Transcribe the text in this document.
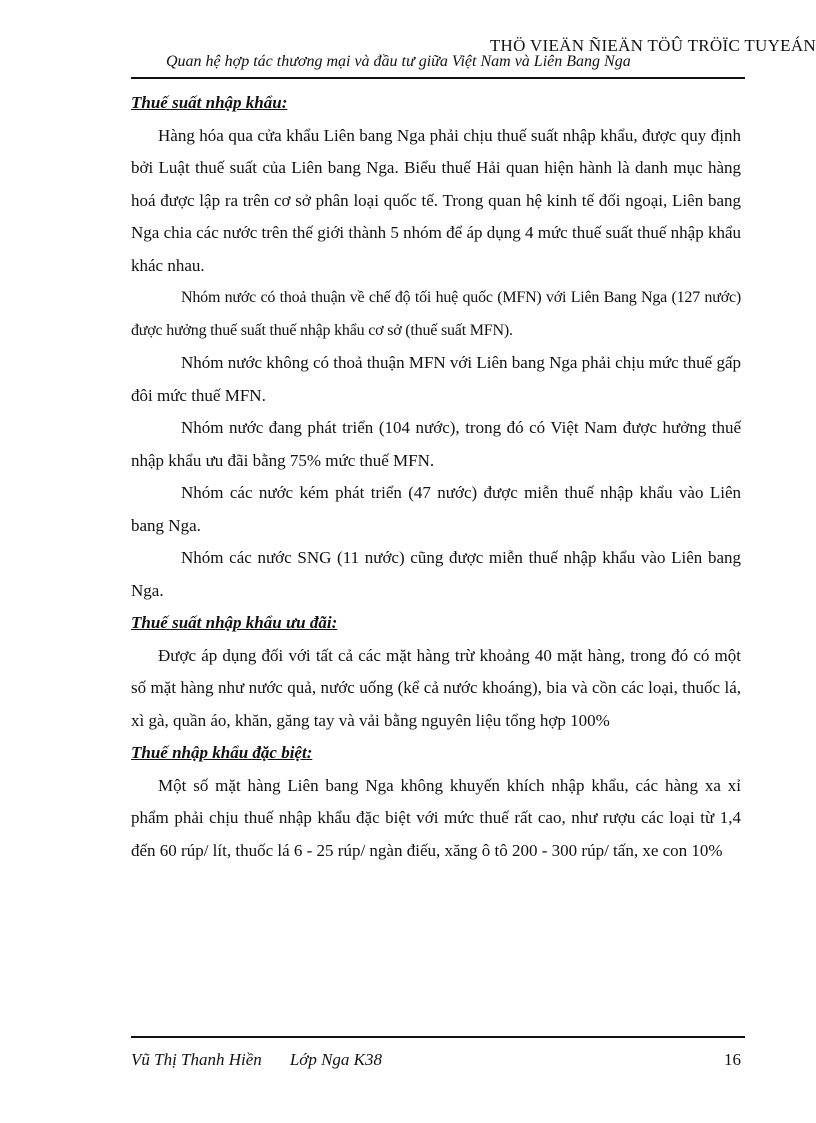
THÖ VIEÄN ÑIEÄN TÖÛ TRÖÏC TUYEÁN
Quan hệ hợp tác thương mại và đầu tư giữa Việt Nam và Liên Bang Nga

Thuế suất nhập khẩu:

Hàng hóa qua cửa khẩu Liên bang Nga phải chịu thuế suất nhập khẩu, được quy định bởi Luật thuế suất của Liên bang Nga. Biểu thuế Hải quan hiện hành là danh mục hàng hoá được lập ra trên cơ sở phân loại quốc tế. Trong quan hệ kinh tế đối ngoại, Liên bang Nga chia các nước trên thế giới thành 5 nhóm để áp dụng 4 mức thuế suất thuế nhập khẩu khác nhau.

Nhóm nước có thoả thuận về chế độ tối huệ quốc (MFN) với Liên Bang Nga (127 nước) được hưởng thuế suất thuế nhập khẩu cơ sở (thuế suất MFN).

Nhóm nước không có thoả thuận MFN với Liên bang Nga phải chịu mức thuế gấp đôi mức thuế MFN.

Nhóm nước đang phát triển (104 nước), trong đó có Việt Nam được hưởng thuế nhập khẩu ưu đãi bằng 75% mức thuế MFN.

Nhóm các nước kém phát triển (47 nước) được miễn thuế nhập khẩu vào Liên bang Nga.

Nhóm các nước SNG (11 nước) cũng được miễn thuế nhập khẩu vào Liên bang Nga.

Thuế suất nhập khẩu ưu đãi:

Được áp dụng đối với tất cả các mặt hàng trừ khoảng 40 mặt hàng, trong đó có một số mặt hàng như nước quả, nước uống (kể cả nước khoáng), bia và cồn các loại, thuốc lá, xì gà, quần áo, khăn, găng tay và vải bằng nguyên liệu tổng hợp 100%

Thuế nhập khẩu đặc biệt:

Một số mặt hàng Liên bang Nga không khuyến khích nhập khẩu, các hàng xa xỉ phẩm phải chịu thuế nhập khẩu đặc biệt với mức thuế rất cao, như rượu các loại từ 1,4 đến 60 rúp/ lít, thuốc lá 6 - 25 rúp/ ngàn điếu, xăng ô tô 200 - 300 rúp/ tấn, xe con 10%

Vũ Thị Thanh Hiền Lớp Nga K38	16
